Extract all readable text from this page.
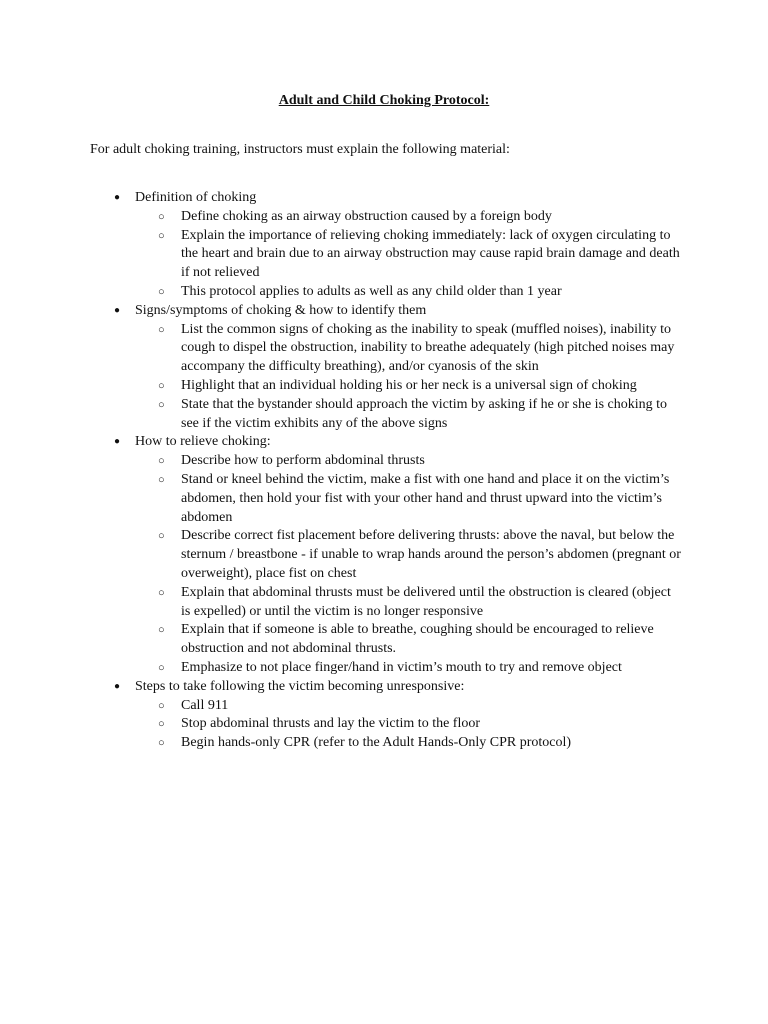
Adult and Child Choking Protocol:
For adult choking training, instructors must explain the following material:
● Definition of choking
○ Define choking as an airway obstruction caused by a foreign body
○ Explain the importance of relieving choking immediately: lack of oxygen circulating to the heart and brain due to an airway obstruction may cause rapid brain damage and death if not relieved
○ This protocol applies to adults as well as any child older than 1 year
● Signs/symptoms of choking & how to identify them
○ List the common signs of choking as the inability to speak (muffled noises), inability to cough to dispel the obstruction, inability to breathe adequately (high pitched noises may accompany the difficulty breathing), and/or cyanosis of the skin
○ Highlight that an individual holding his or her neck is a universal sign of choking
○ State that the bystander should approach the victim by asking if he or she is choking to see if the victim exhibits any of the above signs
● How to relieve choking:
○ Describe how to perform abdominal thrusts
○ Stand or kneel behind the victim, make a fist with one hand and place it on the victim’s abdomen, then hold your fist with your other hand and thrust upward into the victim’s abdomen
○ Describe correct fist placement before delivering thrusts: above the naval, but below the sternum / breastbone - if unable to wrap hands around the person’s abdomen (pregnant or overweight), place fist on chest
○ Explain that abdominal thrusts must be delivered until the obstruction is cleared (object is expelled) or until the victim is no longer responsive
○ Explain that if someone is able to breathe, coughing should be encouraged to relieve obstruction and not abdominal thrusts.
○ Emphasize to not place finger/hand in victim’s mouth to try and remove object
● Steps to take following the victim becoming unresponsive:
○ Call 911
○ Stop abdominal thrusts and lay the victim to the floor
○ Begin hands-only CPR (refer to the Adult Hands-Only CPR protocol)
